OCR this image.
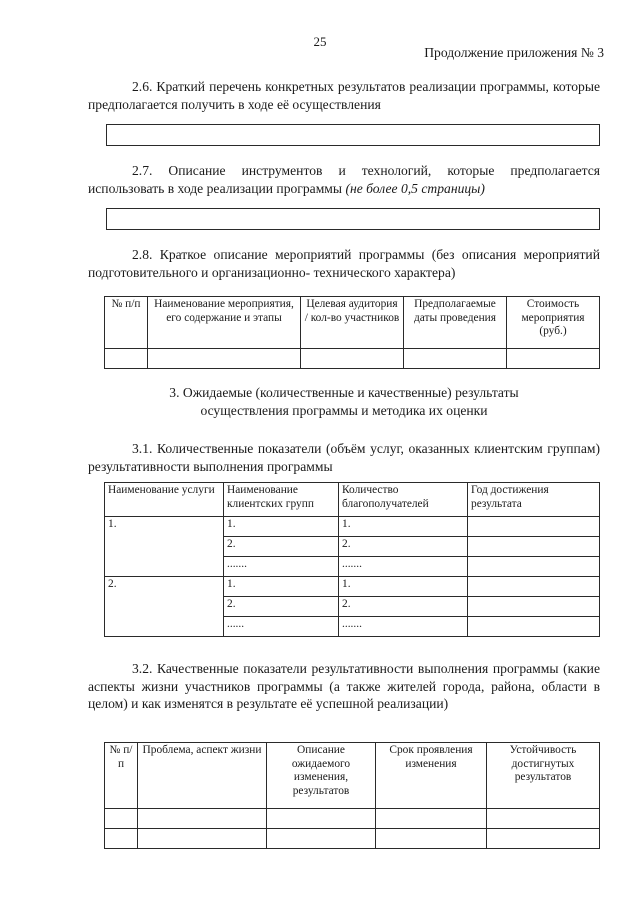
25
Продолжение приложения № 3
2.6. Краткий перечень конкретных результатов реализации программы, которые предполагается получить в ходе её осуществления
2.7. Описание инструментов и технологий, которые предполагается использовать в ходе реализации программы (не более 0,5 страницы)
2.8. Краткое описание мероприятий программы (без описания мероприятий подготовительного и организационно- технического характера)
№ п/п	Наименование мероприятия, его содержание и этапы	Целевая аудитория / кол-во участников	Предполагаемые даты проведения	Стоимость мероприятия (руб.)

3. Ожидаемые (количественные и качественные) результаты
осуществления программы и методика их оценки
3.1. Количественные показатели (объём услуг, оказанных клиентским группам) результативности выполнения программы
Наименование услуги	Наименование клиентских групп	Количество благополучателей	Год достижения результата
1.	1.	1.	
	2.	2.	
	.......	.......	
2.	1.	1.	
	2.	2.	
	......	.......	
3.2. Качественные показатели результативности выполнения программы (какие аспекты жизни участников программы (а также жителей города, района, области в целом) и как изменятся в результате её успешной реализации)
№ п/п	Проблема, аспект жизни	Описание ожидаемого изменения, результатов	Срок проявления изменения	Устойчивость достигнутых результатов
